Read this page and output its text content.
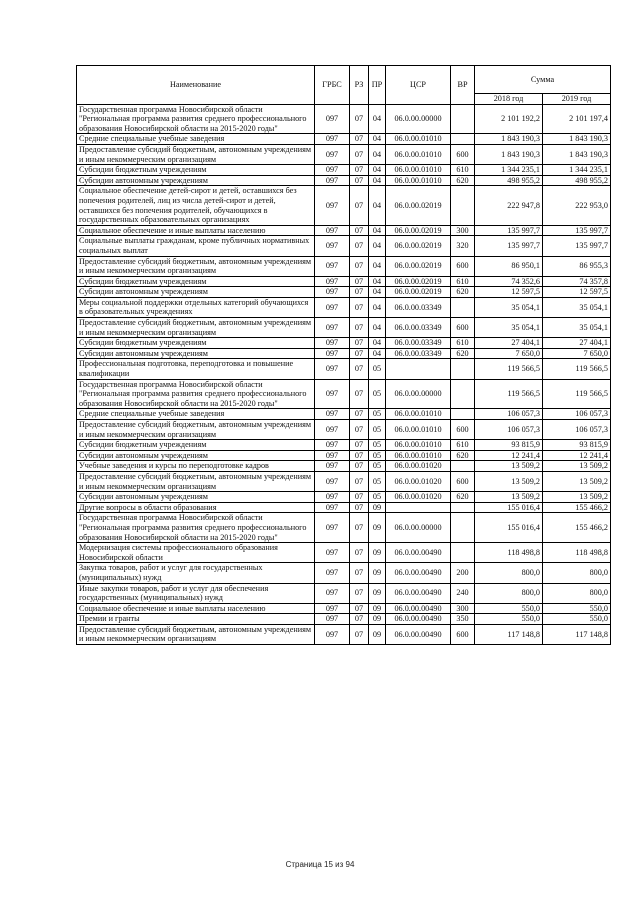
Наименование	ГРБС	РЗ	ПР	ЦСР	ВР	Сумма	
						2018 год	2019 год
Государственная программа Новосибирской области "Региональная программа развития среднего профессионального образования Новосибирской области на 2015-2020 годы"	097	07	04	06.0.00.00000		2 101 192,2	2 101 197,4
Средние специальные учебные заведения	097	07	04	06.0.00.01010		1 843 190,3	1 843 190,3
Предоставление субсидий бюджетным, автономным учреждениям и иным некоммерческим организациям	097	07	04	06.0.00.01010	600	1 843 190,3	1 843 190,3
Субсидии бюджетным учреждениям	097	07	04	06.0.00.01010	610	1 344 235,1	1 344 235,1
Субсидии автономным учреждениям	097	07	04	06.0.00.01010	620	498 955,2	498 955,2
Социальное обеспечение детей-сирот и детей, оставшихся без попечения родителей, лиц из числа детей-сирот и детей, оставшихся без попечения родителей, обучающихся в государственных образовательных организациях	097	07	04	06.0.00.02019		222 947,8	222 953,0
Социальное обеспечение и иные выплаты населению	097	07	04	06.0.00.02019	300	135 997,7	135 997,7
Социальные выплаты гражданам, кроме публичных нормативных социальных выплат	097	07	04	06.0.00.02019	320	135 997,7	135 997,7
Предоставление субсидий бюджетным, автономным учреждениям и иным некоммерческим организациям	097	07	04	06.0.00.02019	600	86 950,1	86 955,3
Субсидии бюджетным учреждениям	097	07	04	06.0.00.02019	610	74 352,6	74 357,8
Субсидии автономным учреждениям	097	07	04	06.0.00.02019	620	12 597,5	12 597,5
Меры социальной поддержки отдельных категорий обучающихся в образовательных учреждениях	097	07	04	06.0.00.03349		35 054,1	35 054,1
Предоставление субсидий бюджетным, автономным учреждениям и иным некоммерческим организациям	097	07	04	06.0.00.03349	600	35 054,1	35 054,1
Субсидии бюджетным учреждениям	097	07	04	06.0.00.03349	610	27 404,1	27 404,1
Субсидии автономным учреждениям	097	07	04	06.0.00.03349	620	7 650,0	7 650,0
Профессиональная подготовка, переподготовка и повышение квалификации	097	07	05			119 566,5	119 566,5
Государственная программа Новосибирской области "Региональная программа развития среднего профессионального образования Новосибирской области на 2015-2020 годы"	097	07	05	06.0.00.00000		119 566,5	119 566,5
Средние специальные учебные заведения	097	07	05	06.0.00.01010		106 057,3	106 057,3
Предоставление субсидий бюджетным, автономным учреждениям и иным некоммерческим организациям	097	07	05	06.0.00.01010	600	106 057,3	106 057,3
Субсидии бюджетным учреждениям	097	07	05	06.0.00.01010	610	93 815,9	93 815,9
Субсидии автономным учреждениям	097	07	05	06.0.00.01010	620	12 241,4	12 241,4
Учебные заведения и курсы по переподготовке кадров	097	07	05	06.0.00.01020		13 509,2	13 509,2
Предоставление субсидий бюджетным, автономным учреждениям и иным некоммерческим организациям	097	07	05	06.0.00.01020	600	13 509,2	13 509,2
Субсидии автономным учреждениям	097	07	05	06.0.00.01020	620	13 509,2	13 509,2
Другие вопросы в области образования	097	07	09			155 016,4	155 466,2
Государственная программа Новосибирской области "Региональная программа развития среднего профессионального образования Новосибирской области на 2015-2020 годы"	097	07	09	06.0.00.00000		155 016,4	155 466,2
Модернизация системы профессионального образования Новосибирской области	097	07	09	06.0.00.00490		118 498,8	118 498,8
Закупка товаров, работ и услуг для государственных (муниципальных) нужд	097	07	09	06.0.00.00490	200	800,0	800,0
Иные закупки товаров, работ и услуг для обеспечения государственных (муниципальных) нужд	097	07	09	06.0.00.00490	240	800,0	800,0
Социальное обеспечение и иные выплаты населению	097	07	09	06.0.00.00490	300	550,0	550,0
Премии и гранты	097	07	09	06.0.00.00490	350	550,0	550,0
Предоставление субсидий бюджетным, автономным учреждениям и иным некоммерческим организациям	097	07	09	06.0.00.00490	600	117 148,8	117 148,8
Страница 15 из 94
